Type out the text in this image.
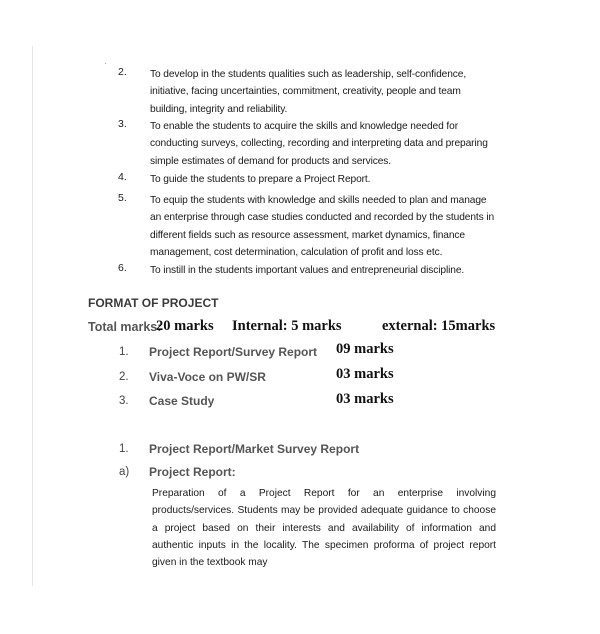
·
2. To develop in the students qualities such as leadership, self-confidence, initiative, facing uncertainties, commitment, creativity, people and team building, integrity and reliability.
3. To enable the students to acquire the skills and knowledge needed for conducting surveys, collecting, recording and interpreting data and preparing simple estimates of demand for products and services.
4. To guide the students to prepare a Project Report.
5. To equip the students with knowledge and skills needed to plan and manage an enterprise through case studies conducted and recorded by the students in different fields such as resource assessment, market dynamics, finance management, cost determination, calculation of profit and loss etc.
6. To instill in the students important values and entrepreneurial discipline.
FORMAT OF PROJECT
Total marks:
20 marks Internal: 5 marks	external: 15marks
1. Project Report/Survey Report 09 marks
2. Viva-Voce on PW/SR	03 marks
3. Case Study	03 marks
1. Project Report/Market Survey Report
a) Project Report:
Preparation of a Project Report for an enterprise involving products/services. Students may be provided adequate guidance to choose a project based on their interests and availability of information and authentic inputs in the locality. The specimen proforma of project report given in the textbook may
